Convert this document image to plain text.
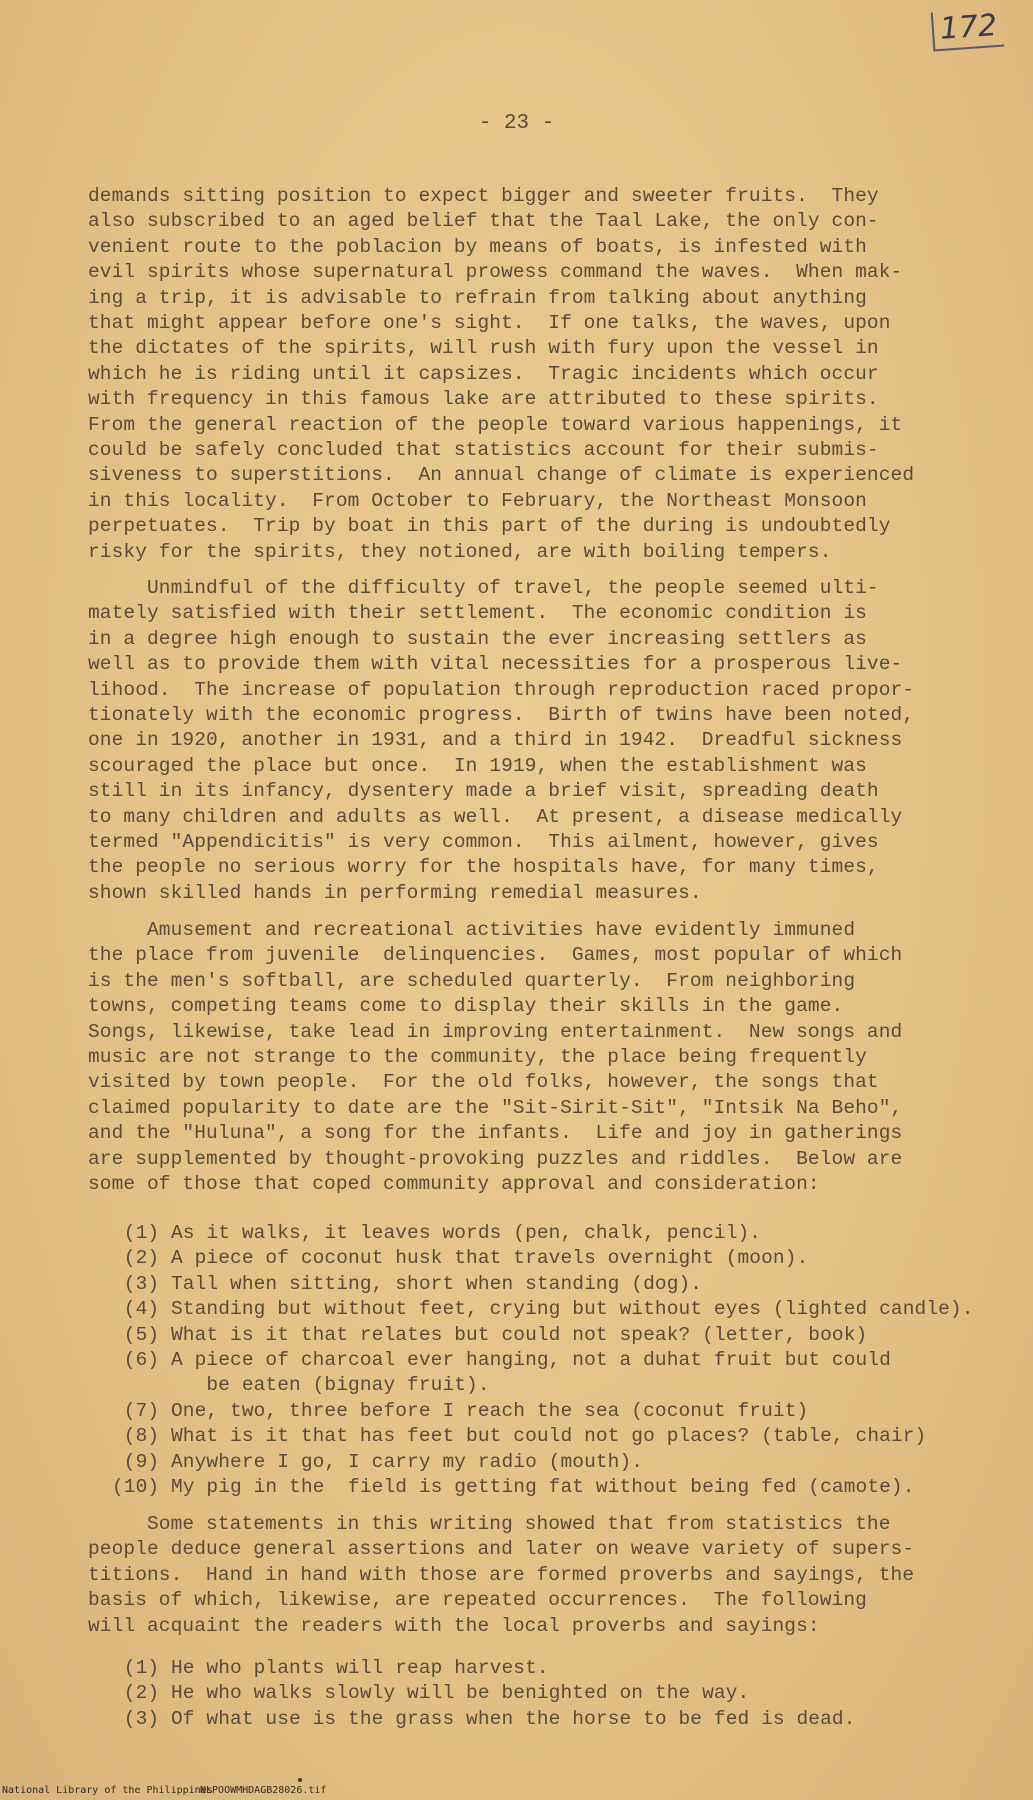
172
- 23 -
demands sitting position to expect bigger and sweeter fruits.  They
also subscribed to an aged belief that the Taal Lake, the only con-
venient route to the poblacion by means of boats, is infested with
evil spirits whose supernatural prowess command the waves.  When mak-
ing a trip, it is advisable to refrain from talking about anything
that might appear before one's sight.  If one talks, the waves, upon
the dictates of the spirits, will rush with fury upon the vessel in
which he is riding until it capsizes.  Tragic incidents which occur
with frequency in this famous lake are attributed to these spirits.
From the general reaction of the people toward various happenings, it
could be safely concluded that statistics account for their submis-
siveness to superstitions.  An annual change of climate is experienced
in this locality.  From October to February, the Northeast Monsoon
perpetuates.  Trip by boat in this part of the during is undoubtedly
risky for the spirits, they notioned, are with boiling tempers.
Unmindful of the difficulty of travel, the people seemed ulti-
mately satisfied with their settlement.  The economic condition is
in a degree high enough to sustain the ever increasing settlers as
well as to provide them with vital necessities for a prosperous live-
lihood.  The increase of population through reproduction raced propor-
tionately with the economic progress.  Birth of twins have been noted,
one in 1920, another in 1931, and a third in 1942.  Dreadful sickness
scouraged the place but once.  In 1919, when the establishment was
still in its infancy, dysentery made a brief visit, spreading death
to many children and adults as well.  At present, a disease medically
termed "Appendicitis" is very common.  This ailment, however, gives
the people no serious worry for the hospitals have, for many times,
shown skilled hands in performing remedial measures.
Amusement and recreational activities have evidently immuned
the place from juvenile  delinquencies.  Games, most popular of which
is the men's softball, are scheduled quarterly.  From neighboring
towns, competing teams come to display their skills in the game.
Songs, likewise, take lead in improving entertainment.  New songs and
music are not strange to the community, the place being frequently
visited by town people.  For the old folks, however, the songs that
claimed popularity to date are the "Sit-Sirit-Sit", "Intsik Na Beho",
and the "Huluna", a song for the infants.  Life and joy in gatherings
are supplemented by thought-provoking puzzles and riddles.  Below are
some of those that coped community approval and consideration:
(1) As it walks, it leaves words (pen, chalk, pencil).
(2) A piece of coconut husk that travels overnight (moon).
(3) Tall when sitting, short when standing (dog).
(4) Standing but without feet, crying but without eyes (lighted candle).
(5) What is it that relates but could not speak? (letter, book)
(6) A piece of charcoal ever hanging, not a duhat fruit but could
be eaten (bignay fruit).
(7) One, two, three before I reach the sea (coconut fruit)
(8) What is it that has feet but could not go places? (table, chair)
(9) Anywhere I go, I carry my radio (mouth).
(10) My pig in the  field is getting fat without being fed (camote).
Some statements in this writing showed that from statistics the
people deduce general assertions and later on weave variety of supers-
titions.  Hand in hand with those are formed proverbs and sayings, the
basis of which, likewise, are repeated occurrences.  The following
will acquaint the readers with the local proverbs and sayings:
(1) He who plants will reap harvest.
(2) He who walks slowly will be benighted on the way.
(3) Of what use is the grass when the horse to be fed is dead.
National Library of the Philippines
NLPOOWMHDAGB28026.tif
